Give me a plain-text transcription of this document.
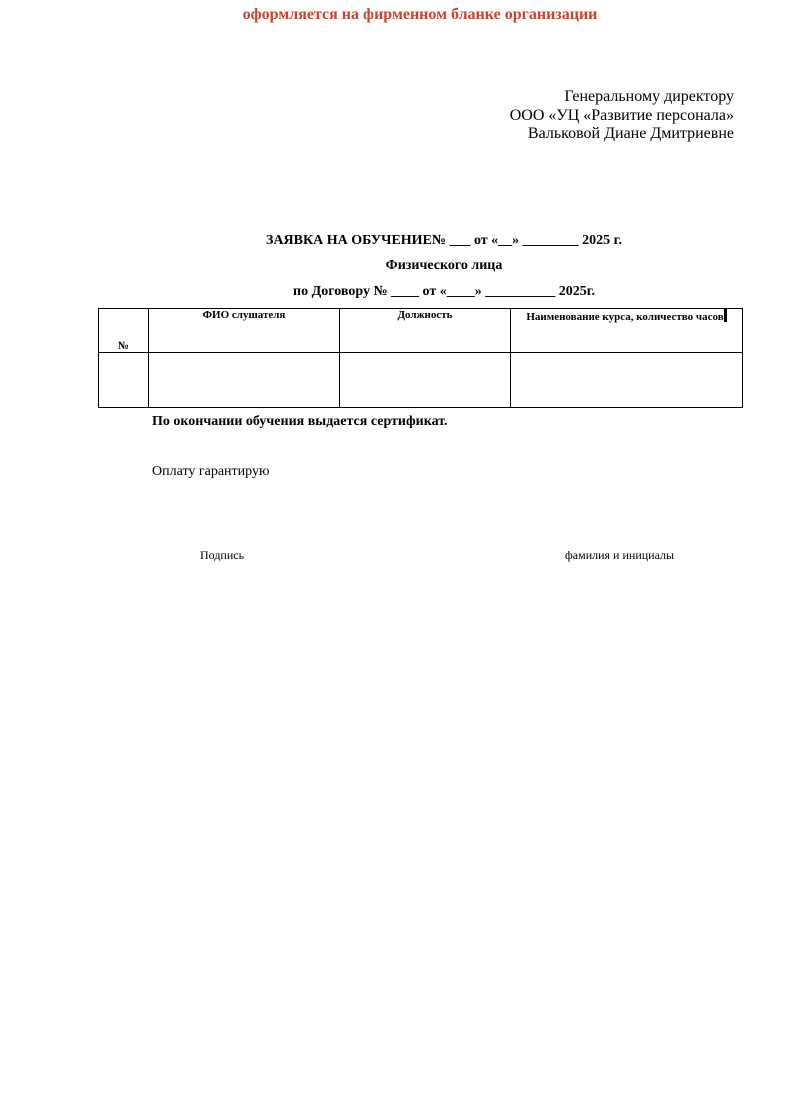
оформляется на фирменном бланке организации
Генеральному директору
ООО «УЦ «Развитие персонала»
Вальковой Диане Дмитриевне
ЗАЯВКА НА ОБУЧЕНИЕ№ ___ от «__» ________ 2025 г.
Физического лица
по Договору № ____ от «____» __________ 2025г.
№	ФИО слушателя	Должность	Наименование курса, количество часов

По окончании обучения выдается сертификат.
Оплату гарантирую
Подпись	фамилия и инициалы
